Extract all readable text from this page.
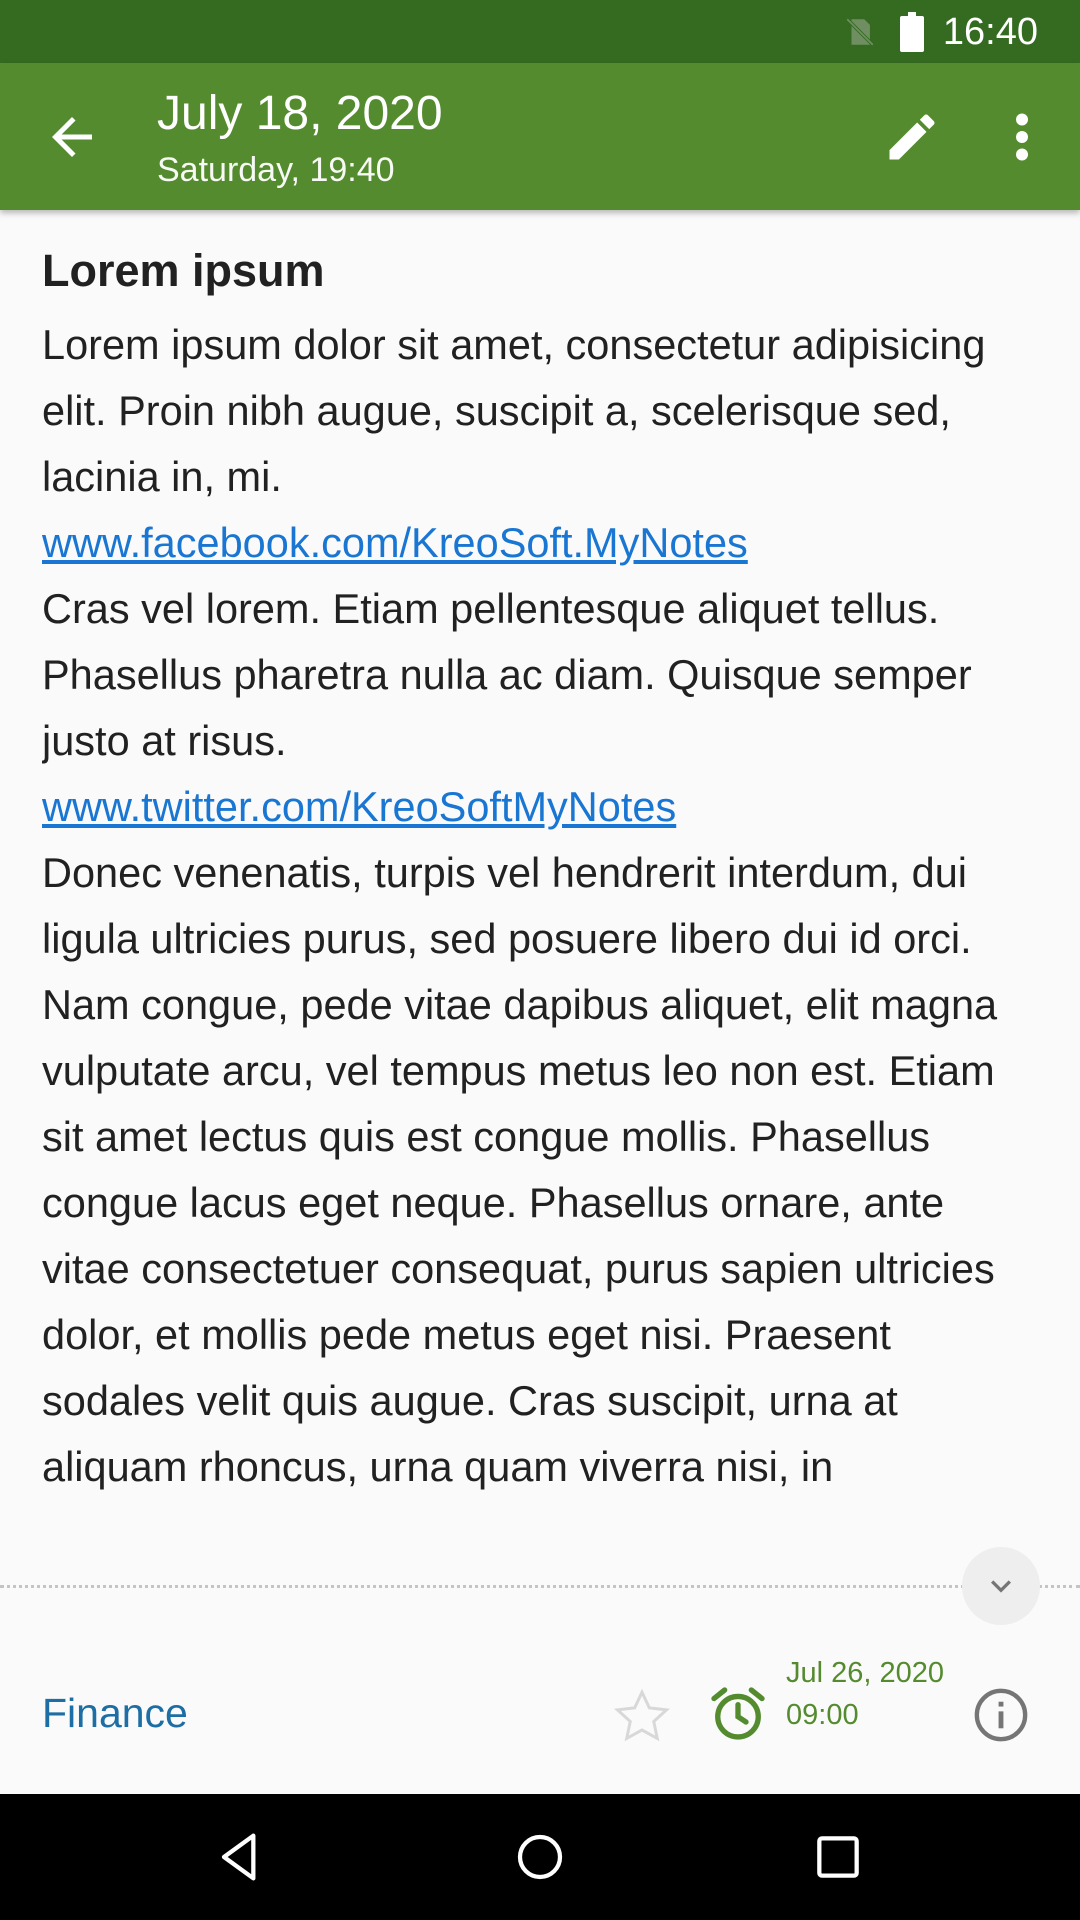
16:40
July 18, 2020
Saturday, 19:40
Lorem ipsum

Lorem ipsum dolor sit amet, consectetur adipisicing elit. Proin nibh augue, suscipit a, scelerisque sed, lacinia in, mi.

www.facebook.com/KreoSoft.MyNotes

Cras vel lorem. Etiam pellentesque aliquet tellus. Phasellus pharetra nulla ac diam. Quisque semper justo at risus.

www.twitter.com/KreoSoftMyNotes

Donec venenatis, turpis vel hendrerit interdum, dui ligula ultricies purus, sed posuere libero dui id orci. Nam congue, pede vitae dapibus aliquet, elit magna vulputate arcu, vel tempus metus leo non est. Etiam sit amet lectus quis est congue mollis. Phasellus congue lacus eget neque. Phasellus ornare, ante vitae consectetuer consequat, purus sapien ultricies dolor, et mollis pede metus eget nisi. Praesent sodales velit quis augue. Cras suscipit, urna at aliquam rhoncus, urna quam viverra nisi, in

Finance
Jul 26, 2020
09:00
